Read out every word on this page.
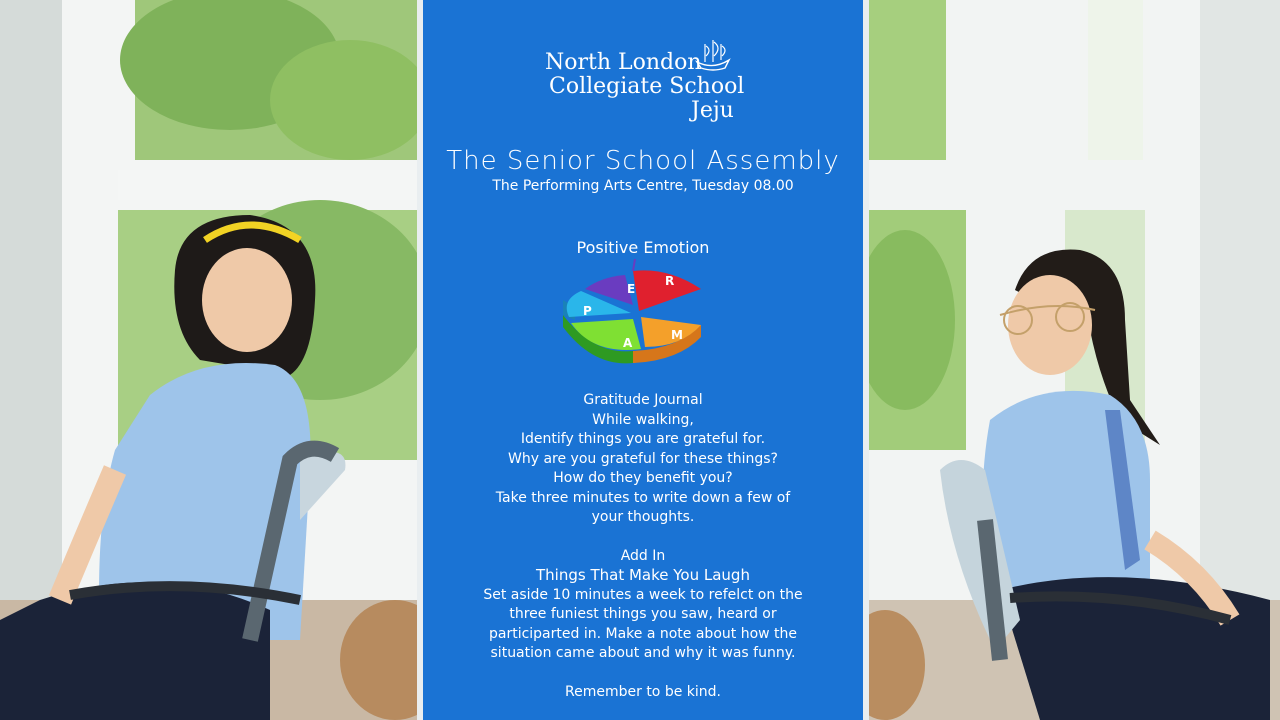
North London
Collegiate School
Jeju
The Senior School Assembly
The Performing Arts Centre, Tuesday 08.00
Positive Emotion
E
R
P
M
A
Gratitude Journal
While walking,
Identify things you are grateful for.
Why are you grateful for these things?
How do they benefit you?
Take three minutes to write down a few of
your thoughts.
Add In
Things That Make You Laugh
Set aside 10 minutes a week to refelct on the
three funiest things you saw, heard or
participarted in. Make a note about how the
situation came about and why it was funny.
Remember to be kind.
